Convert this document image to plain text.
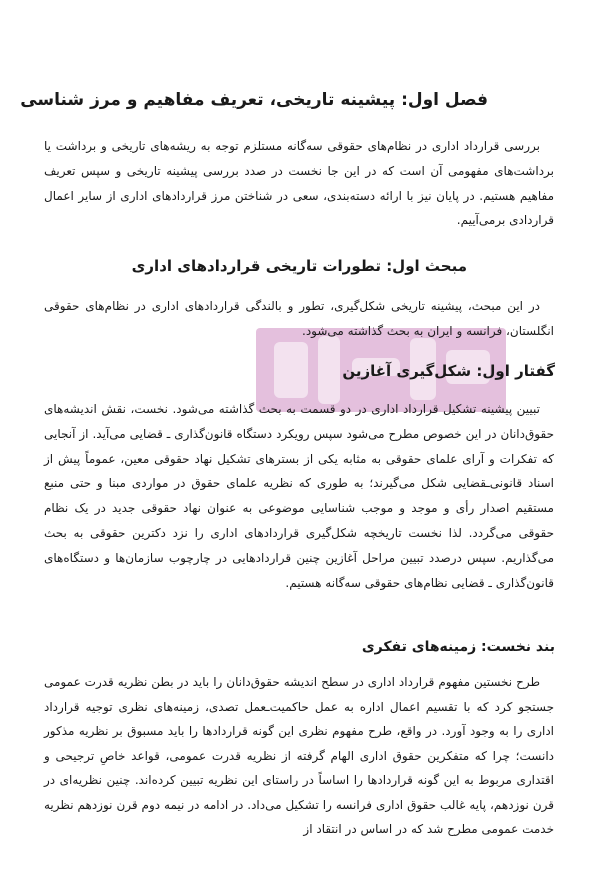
فصل اول: پیشینه تاریخی، تعریف مفاهیم و مرز شناسی

بررسی قرارداد اداری در نظام‌های حقوقی سه‌گانه مستلزم توجه به ریشه‌های تاریخی و برداشت یا برداشت‌های مفهومی آن است که در این جا نخست در صدد بررسی پیشینه تاریخی و سپس تعریف مفاهیم هستیم. در پایان نیز با ارائه دسته‌بندی، سعی در شناختن مرز قراردادهای اداری از سایر اعمال قراردادی برمی‌آییم.

مبحث اول: تطورات تاریخی قراردادهای اداری

در این مبحث، پیشینه تاریخی شکل‌گیری، تطور و بالندگی قراردادهای اداری در نظام‌های حقوقی انگلستان، فرانسه و ایران به بحث گذاشته می‌شود.

گفتار اول: شکل‌گیری آغازین

تبیین پیشینه تشکیل قرارداد اداری در دو قسمت به بحث گذاشته می‌شود. نخست، نقش اندیشه‌های حقوق‌دانان در این خصوص مطرح می‌شود سپس رویکرد دستگاه قانون‌گذاری ـ قضایی می‌آید. از آنجایی که تفکرات و آرای علمای حقوقی به مثابه یکی از بسترهای تشکیل نهاد حقوقی معین، عموماً پیش از اسناد قانونی‌ـقضایی شکل می‌گیرند؛ به طوری که نظریه علمای حقوق در مواردی مبنا و حتی منبع مستقیم اصدار رأی و موجد و موجب شناسایی موضوعی به عنوان نهاد حقوقی جدید در یک نظام حقوقی می‌گردد. لذا نخست تاریخچه شکل‌گیری قراردادهای اداری را نزد دکترین حقوقی به بحث می‌گذاریم. سپس درصدد تبیین مراحل آغازین چنین قراردادهایی در چارچوب سازمان‌ها و دستگاه‌های قانون‌گذاری ـ قضایی نظام‌های حقوقی سه‌گانه هستیم.

بند نخست: زمینه‌های تفکری

طرح نخستین مفهوم قرارداد اداری در سطح اندیشه حقوق‌دانان را باید در بطن نظریه قدرت عمومی جستجو کرد که با تقسیم اعمال اداره به عمل حاکمیت‌ـعمل تصدی، زمینه‌های نظری توجیه قرارداد اداری را به وجود آورد. در واقع، طرح مفهوم نظری این گونه قراردادها را باید مسبوق بر نظریه مذکور دانست؛ چرا که متفکرین حقوق اداری الهام گرفته از نظریه قدرت عمومی، قواعد خاصِ ترجیحی و اقتداری مربوط به این گونه قراردادها را اساساً در راستای این نظریه تبیین کرده‌اند. چنین نظریه‌ای در قرن نوزدهم، پایه غالب حقوق اداری فرانسه را تشکیل می‌داد. در ادامه در نیمه دوم قرن نوزدهم نظریه خدمت عمومی مطرح شد که در اساس در انتقاد از
